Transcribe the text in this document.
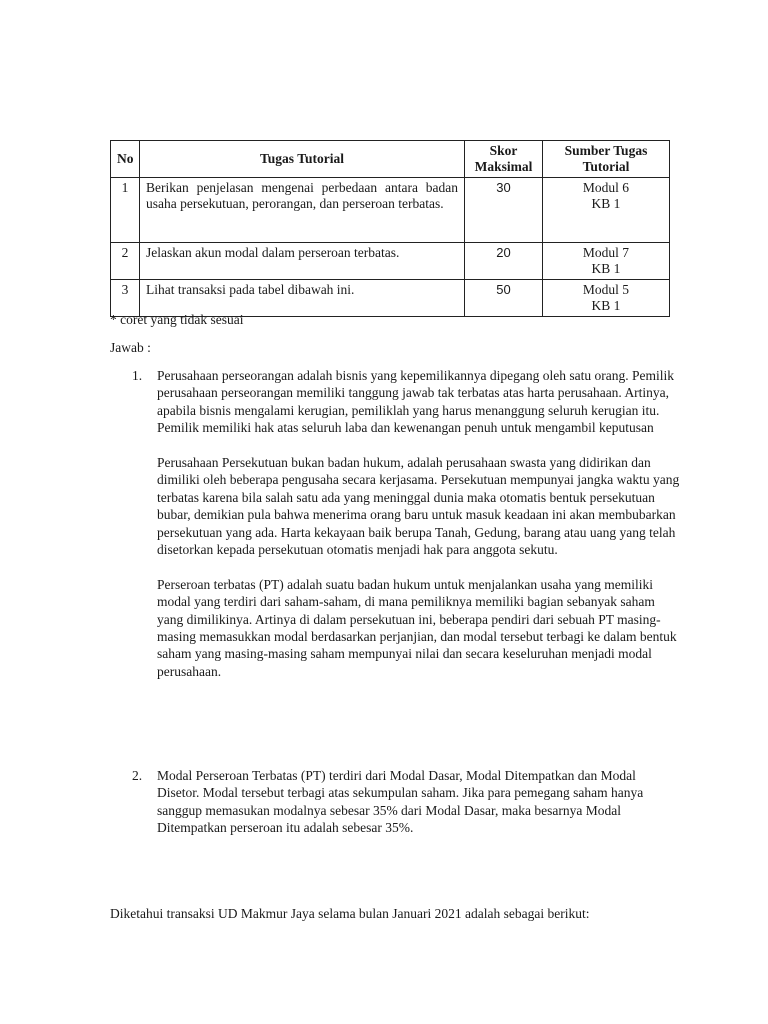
No	Tugas Tutorial	Skor Maksimal	Sumber Tugas Tutorial
1	Berikan penjelasan mengenai perbedaan antara badan usaha persekutuan, perorangan, dan perseroan terbatas.	30	Modul 6
KB 1

2	Jelaskan akun modal dalam perseroan terbatas.	20	Modul 7
KB 1

3	Lihat transaksi pada tabel dibawah ini.	50	Modul 5
KB 1
* coret yang tidak sesuai
Jawab :
1. Perusahaan perseorangan adalah bisnis yang kepemilikannya dipegang oleh satu orang. Pemilik perusahaan perseorangan memiliki tanggung jawab tak terbatas atas harta perusahaan. Artinya, apabila bisnis mengalami kerugian, pemiliklah yang harus menanggung seluruh kerugian itu. Pemilik memiliki hak atas seluruh laba dan kewenangan penuh untuk mengambil keputusan

Perusahaan Persekutuan bukan badan hukum, adalah perusahaan swasta yang didirikan dan dimiliki oleh beberapa pengusaha secara kerjasama. Persekutuan mempunyai jangka waktu yang terbatas karena bila salah satu ada yang meninggal dunia maka otomatis bentuk persekutuan bubar, demikian pula bahwa menerima orang baru untuk masuk keadaan ini akan membubarkan persekutuan yang ada. Harta kekayaan baik berupa Tanah, Gedung, barang atau uang yang telah disetorkan kepada persekutuan otomatis menjadi hak para anggota sekutu.

Perseroan terbatas (PT) adalah suatu badan hukum untuk menjalankan usaha yang memiliki modal yang terdiri dari saham-saham, di mana pemiliknya memiliki bagian sebanyak saham yang dimilikinya. Artinya di dalam persekutuan ini, beberapa pendiri dari sebuah PT masing-masing memasukkan modal berdasarkan perjanjian, dan modal tersebut terbagi ke dalam bentuk saham yang masing-masing saham mempunyai nilai dan secara keseluruhan menjadi modal perusahaan.

2. Modal Perseroan Terbatas (PT) terdiri dari Modal Dasar, Modal Ditempatkan dan Modal Disetor. Modal tersebut terbagi atas sekumpulan saham. Jika para pemegang saham hanya sanggup memasukan modalnya sebesar 35% dari Modal Dasar, maka besarnya Modal Ditempatkan perseroan itu adalah sebesar 35%.

Diketahui transaksi UD Makmur Jaya selama bulan Januari 2021 adalah sebagai berikut:
